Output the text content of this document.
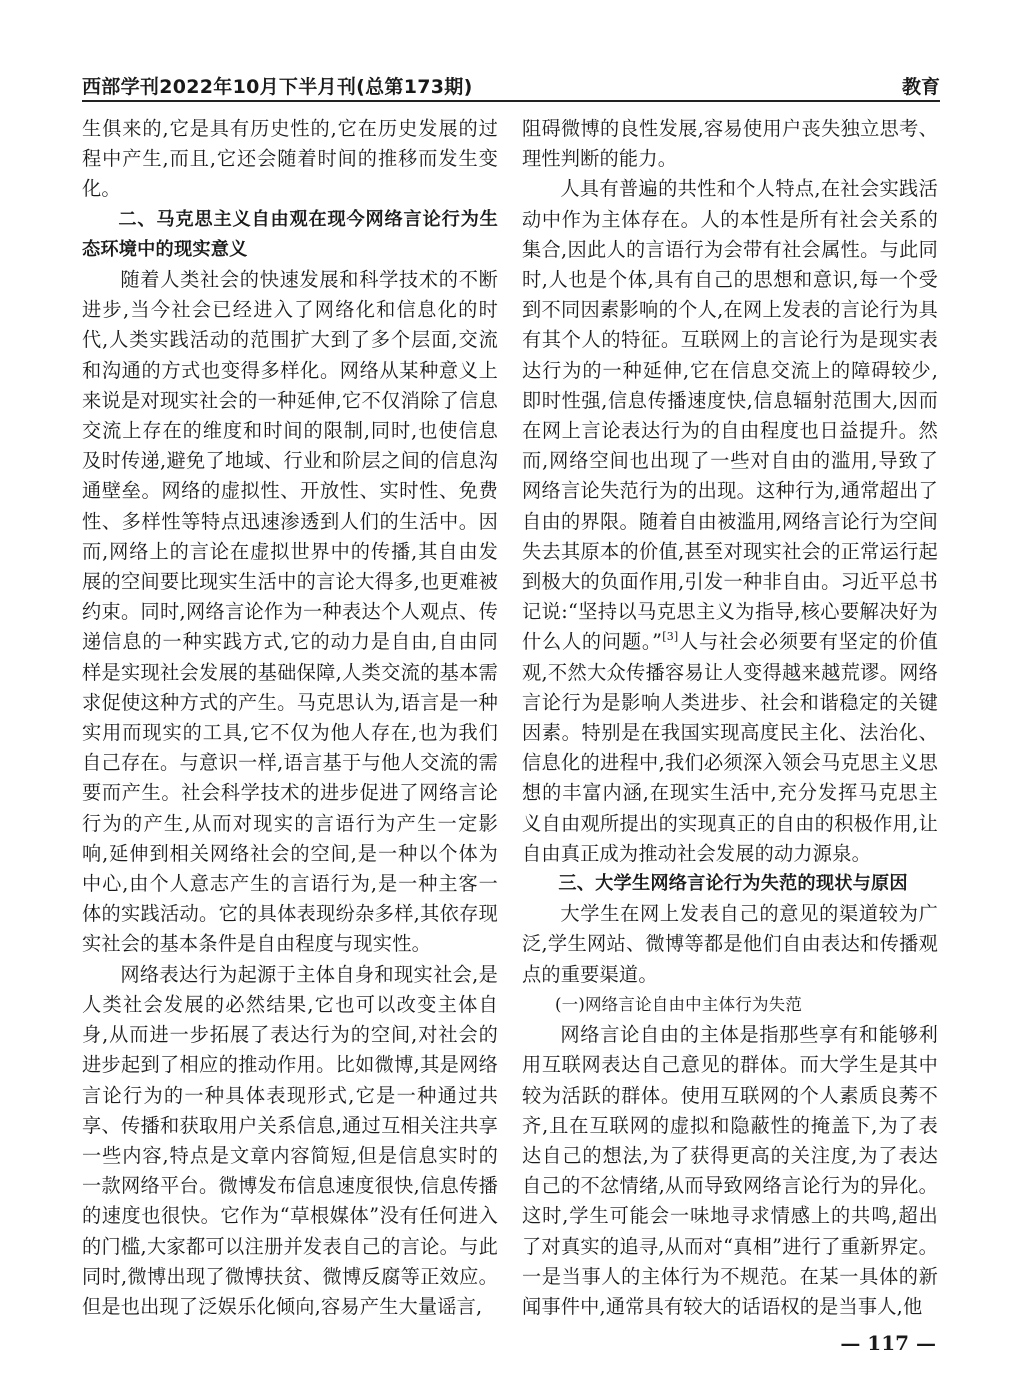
西部学刊2022年10月下半月刊(总第173期)	教育

生俱来的,它是具有历史性的,它在历史发展的过程中产生,而且,它还会随着时间的推移而发生变化。

二、马克思主义自由观在现今网络言论行为生态环境中的现实意义

随着人类社会的快速发展和科学技术的不断进步,当今社会已经进入了网络化和信息化的时代,人类实践活动的范围扩大到了多个层面,交流和沟通的方式也变得多样化。网络从某种意义上来说是对现实社会的一种延伸,它不仅消除了信息交流上存在的维度和时间的限制,同时,也使信息及时传递,避免了地域、行业和阶层之间的信息沟通壁垒。网络的虚拟性、开放性、实时性、免费性、多样性等特点迅速渗透到人们的生活中。因而,网络上的言论在虚拟世界中的传播,其自由发展的空间要比现实生活中的言论大得多,也更难被约束。同时,网络言论作为一种表达个人观点、传递信息的一种实践方式,它的动力是自由,自由同样是实现社会发展的基础保障,人类交流的基本需求促使这种方式的产生。马克思认为,语言是一种实用而现实的工具,它不仅为他人存在,也为我们自己存在。与意识一样,语言基于与他人交流的需要而产生。社会科学技术的进步促进了网络言论行为的产生,从而对现实的言语行为产生一定影响,延伸到相关网络社会的空间,是一种以个体为中心,由个人意志产生的言语行为,是一种主客一体的实践活动。它的具体表现纷杂多样,其依存现实社会的基本条件是自由程度与现实性。

网络表达行为起源于主体自身和现实社会,是人类社会发展的必然结果,它也可以改变主体自身,从而进一步拓展了表达行为的空间,对社会的进步起到了相应的推动作用。比如微博,其是网络言论行为的一种具体表现形式,它是一种通过共享、传播和获取用户关系信息,通过互相关注共享一些内容,特点是文章内容简短,但是信息实时的一款网络平台。微博发布信息速度很快,信息传播的速度也很快。它作为“草根媒体”没有任何进入的门槛,大家都可以注册并发表自己的言论。与此同时,微博出现了微博扶贫、微博反腐等正效应。但是也出现了泛娱乐化倾向,容易产生大量谣言,

阻碍微博的良性发展,容易使用户丧失独立思考、理性判断的能力。

人具有普遍的共性和个人特点,在社会实践活动中作为主体存在。人的本性是所有社会关系的集合,因此人的言语行为会带有社会属性。与此同时,人也是个体,具有自己的思想和意识,每一个受到不同因素影响的个人,在网上发表的言论行为具有其个人的特征。互联网上的言论行为是现实表达行为的一种延伸,它在信息交流上的障碍较少,即时性强,信息传播速度快,信息辐射范围大,因而在网上言论表达行为的自由程度也日益提升。然而,网络空间也出现了一些对自由的滥用,导致了网络言论失范行为的出现。这种行为,通常超出了自由的界限。随着自由被滥用,网络言论行为空间失去其原本的价值,甚至对现实社会的正常运行起到极大的负面作用,引发一种非自由。习近平总书记说:“坚持以马克思主义为指导,核心要解决好为什么人的问题。”[3]人与社会必须要有坚定的价值观,不然大众传播容易让人变得越来越荒谬。网络言论行为是影响人类进步、社会和谐稳定的关键因素。特别是在我国实现高度民主化、法治化、信息化的进程中,我们必须深入领会马克思主义思想的丰富内涵,在现实生活中,充分发挥马克思主义自由观所提出的实现真正的自由的积极作用,让自由真正成为推动社会发展的动力源泉。

三、大学生网络言论行为失范的现状与原因

大学生在网上发表自己的意见的渠道较为广泛,学生网站、微博等都是他们自由表达和传播观点的重要渠道。

(一)网络言论自由中主体行为失范

网络言论自由的主体是指那些享有和能够利用互联网表达自己意见的群体。而大学生是其中较为活跃的群体。使用互联网的个人素质良莠不齐,且在互联网的虚拟和隐蔽性的掩盖下,为了表达自己的想法,为了获得更高的关注度,为了表达自己的不忿情绪,从而导致网络言论行为的异化。这时,学生可能会一味地寻求情感上的共鸣,超出了对真实的追寻,从而对“真相”进行了重新界定。一是当事人的主体行为不规范。在某一具体的新闻事件中,通常具有较大的话语权的是当事人,他

— 117 —
